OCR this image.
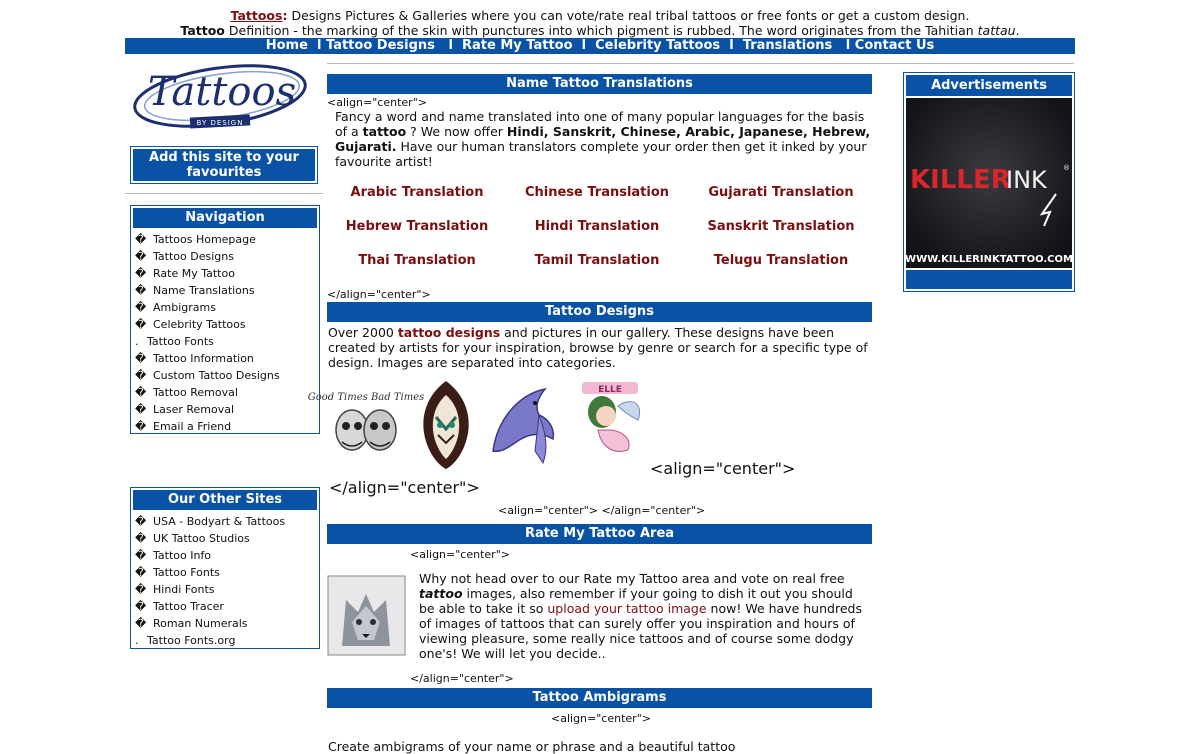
Tattoos: Designs Pictures & Galleries where you can vote/rate real tribal tattoos or free fonts or get a custom design.
Tattoo Definition - the marking of the skin with punctures into which pigment is rubbed. The word originates from the Tahitian tattau.
Home l Tattoo Designs l Rate My Tattoo l Celebrity Tattoos l Translations l Contact Us
Tattoos
BY DESIGN
Add this site to your favourites
Navigation
� Tattoos Homepage
� Tattoo Designs
� Rate My Tattoo
� Name Translations
� Ambigrams
� Celebrity Tattoos
. Tattoo Fonts
� Tattoo Information
� Custom Tattoo Designs
� Tattoo Removal
� Laser Removal
� Email a Friend
Our Other Sites
� USA - Bodyart & Tattoos
� UK Tattoo Studios
� Tattoo Info
� Tattoo Fonts
� Hindi Fonts
� Tattoo Tracer
� Roman Numerals
. Tattoo Fonts.org
Name Tattoo Translations
<align="center">
Fancy a word and name translated into one of many popular languages for the basis of a tattoo ? We now offer Hindi, Sanskrit, Chinese, Arabic, Japanese, Hebrew, Gujarati. Have our human translators complete your order then get it inked by your favourite artist!
Arabic Translation	Chinese Translation	Gujarati Translation
Hebrew Translation	Hindi Translation	Sanskrit Translation
Thai Translation	Tamil Translation	Telugu Translation
</align="center">
Tattoo Designs
Over 2000 tattoo designs and pictures in our gallery. These designs have been created by artists for your inspiration, browse by genre or search for a specific type of design. Images are separated into categories.
Good Times Bad Times
ELLE
<align="center">
</align="center">
<align="center"> </align="center">
Rate My Tattoo Area
<align="center">
Why not head over to our Rate my Tattoo area and vote on real free tattoo images, also remember if your going to dish it out you should be able to take it so upload your tattoo image now! We have hundreds of images of tattoos that can surely offer you inspiration and hours of viewing pleasure, some really nice tattoos and of course some dodgy one's! We will let you decide..
</align="center">
Tattoo Ambigrams
<align="center">
Create ambigrams of your name or phrase and a beautiful tattoo
Advertisements
KILLER
INK ®
WWW.KILLERINKTATTOO.COM
